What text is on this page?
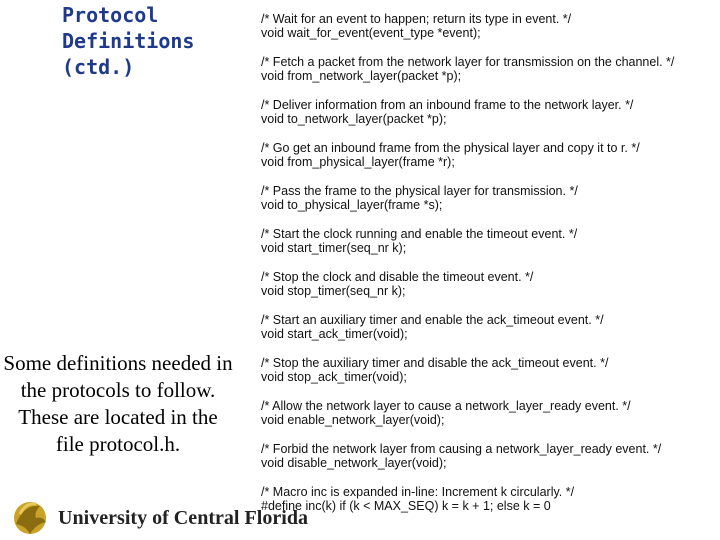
Protocol
Definitions
(ctd.)
Some definitions needed in the protocols to follow. These are located in the file protocol.h.
/* Wait for an event to happen; return its type in event. */
void wait_for_event(event_type *event);
/* Fetch a packet from the network layer for transmission on the channel. */
void from_network_layer(packet *p);
/* Deliver information from an inbound frame to the network layer. */
void to_network_layer(packet *p);
/* Go get an inbound frame from the physical layer and copy it to r. */
void from_physical_layer(frame *r);
/* Pass the frame to the physical layer for transmission. */
void to_physical_layer(frame *s);
/* Start the clock running and enable the timeout event. */
void start_timer(seq_nr k);
/* Stop the clock and disable the timeout event. */
void stop_timer(seq_nr k);
/* Start an auxiliary timer and enable the ack_timeout event. */
void start_ack_timer(void);
/* Stop the auxiliary timer and disable the ack_timeout event. */
void stop_ack_timer(void);
/* Allow the network layer to cause a network_layer_ready event. */
void enable_network_layer(void);
/* Forbid the network layer from causing a network_layer_ready event. */
void disable_network_layer(void);
/* Macro inc is expanded in-line: Increment k circularly. */
#define inc(k) if (k < MAX_SEQ) k = k + 1; else k = 0
University of Central Florida
